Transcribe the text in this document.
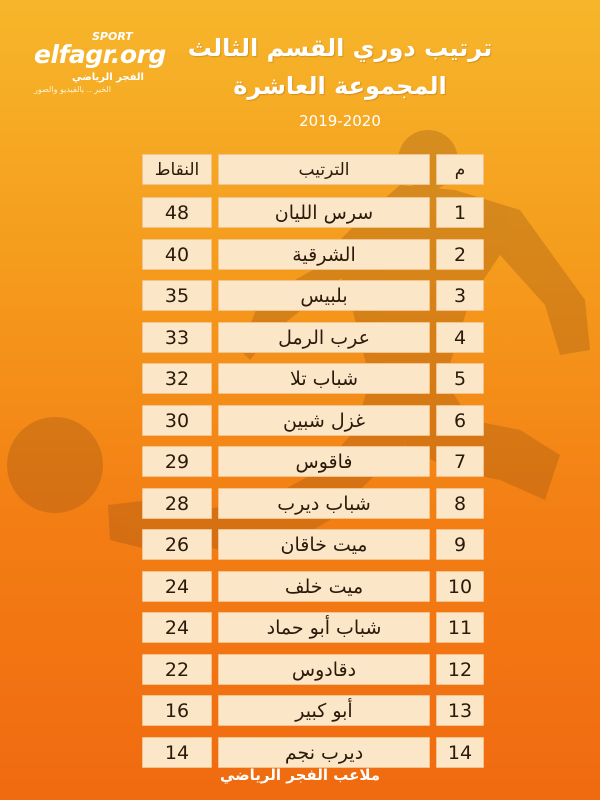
SPORT
elfagr.org
الفجر الرياضي
الخبر .. بالفيديو والصور
ترتيب دوري القسم الثالث
المجموعة العاشرة
2019-2020
م
الترتيب
النقاط
1
سرس الليان
48
2
الشرقية
40
3
بلبيس
35
4
عرب الرمل
33
5
شباب تلا
32
6
غزل شبين
30
7
فاقوس
29
8
شباب ديرب
28
9
ميت خاقان
26
10
ميت خلف
24
11
شباب أبو حماد
24
12
دقادوس
22
13
أبو كبير
16
14
ديرب نجم
14
ملاعب الفجر الرياضي
